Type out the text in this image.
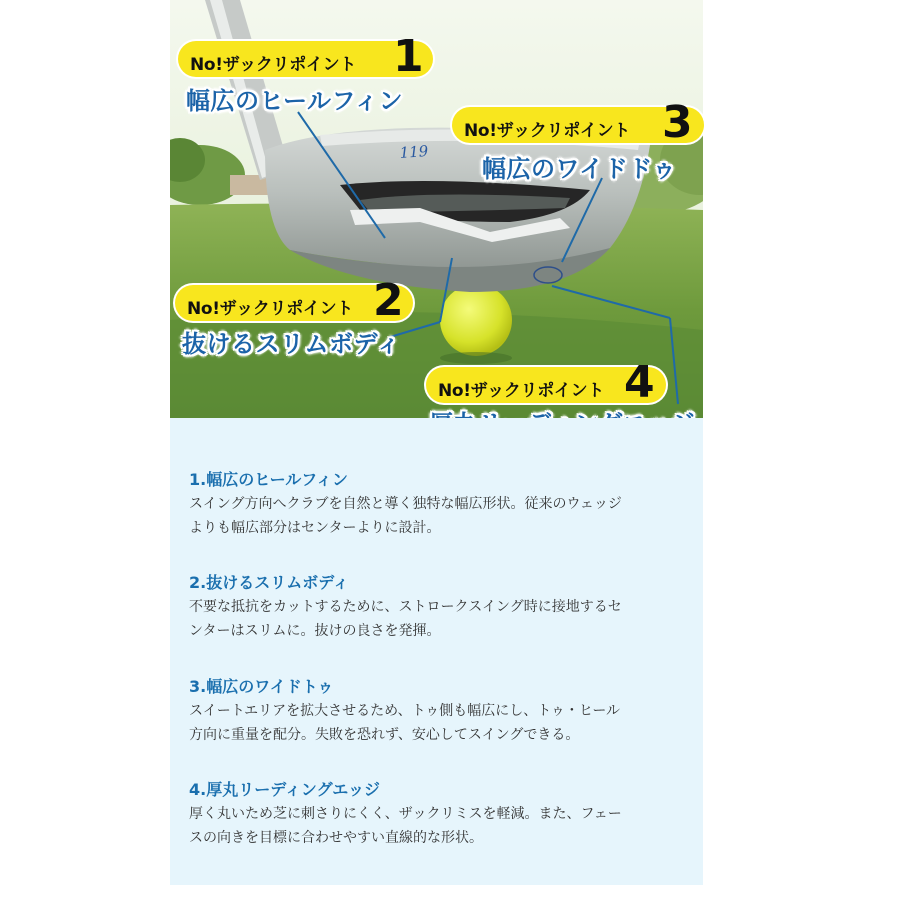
119
No!ザックリポイント 1
幅広のヒールフィン
No!ザックリポイント 3
幅広のワイドドゥ
No!ザックリポイント 2
抜けるスリムボディ
No!ザックリポイント 4
1.幅広のヒールフィン

スイング方向へクラブを自然と導く独特な幅広形状。従来のウェッジ

よりも幅広部分はセンターよりに設計。

2.抜けるスリムボディ

不要な抵抗をカットするために、ストロークスイング時に接地するセ

ンターはスリムに。抜けの良さを発揮。

3.幅広のワイドトゥ

スイートエリアを拡大させるため、トゥ側も幅広にし、トゥ・ヒール

方向に重量を配分。失敗を恐れず、安心してスイングできる。

4.厚丸リーディングエッジ

厚く丸いため芝に刺さりにくく、ザックリミスを軽減。また、フェー

スの向きを目標に合わせやすい直線的な形状。
